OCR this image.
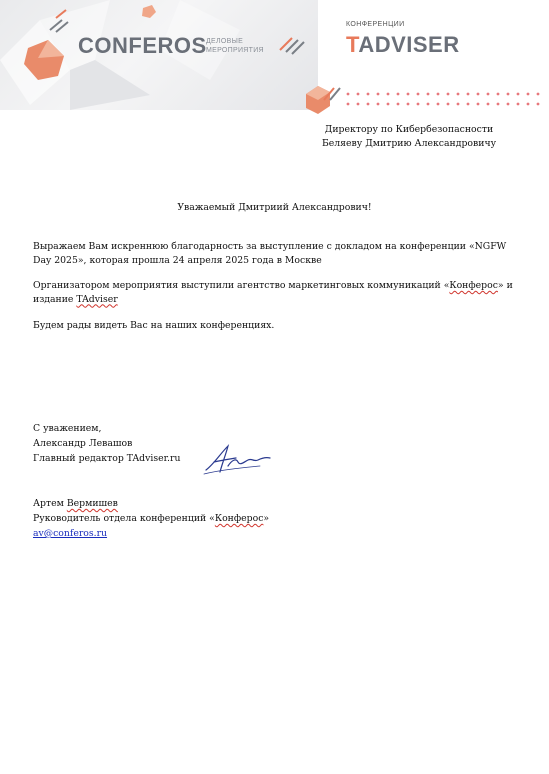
CONFEROS ДЕЛОВЫЕ
МЕРОПРИЯТИЯ
КОНФЕРЕНЦИИ
TADVISER
Директору по Кибербезопасности
Беляеву Дмитрию Александровичу
Уважаемый Дмитриий Александрович!
Выражаем Вам искреннюю благодарность за выступление с докладом на конференции «NGFW Day 2025», которая прошла 24 апреля 2025 года в Москве
Организатором мероприятия выступили агентство маркетинговых коммуникаций «Конферос» и издание TAdviser
Будем рады видеть Вас на наших конференциях.
С уважением,
Александр Левашов
Главный редактор TAdviser.ru
Артем Вермишев
Руководитель отдела конференций «Конферос»
av@conferos.ru
